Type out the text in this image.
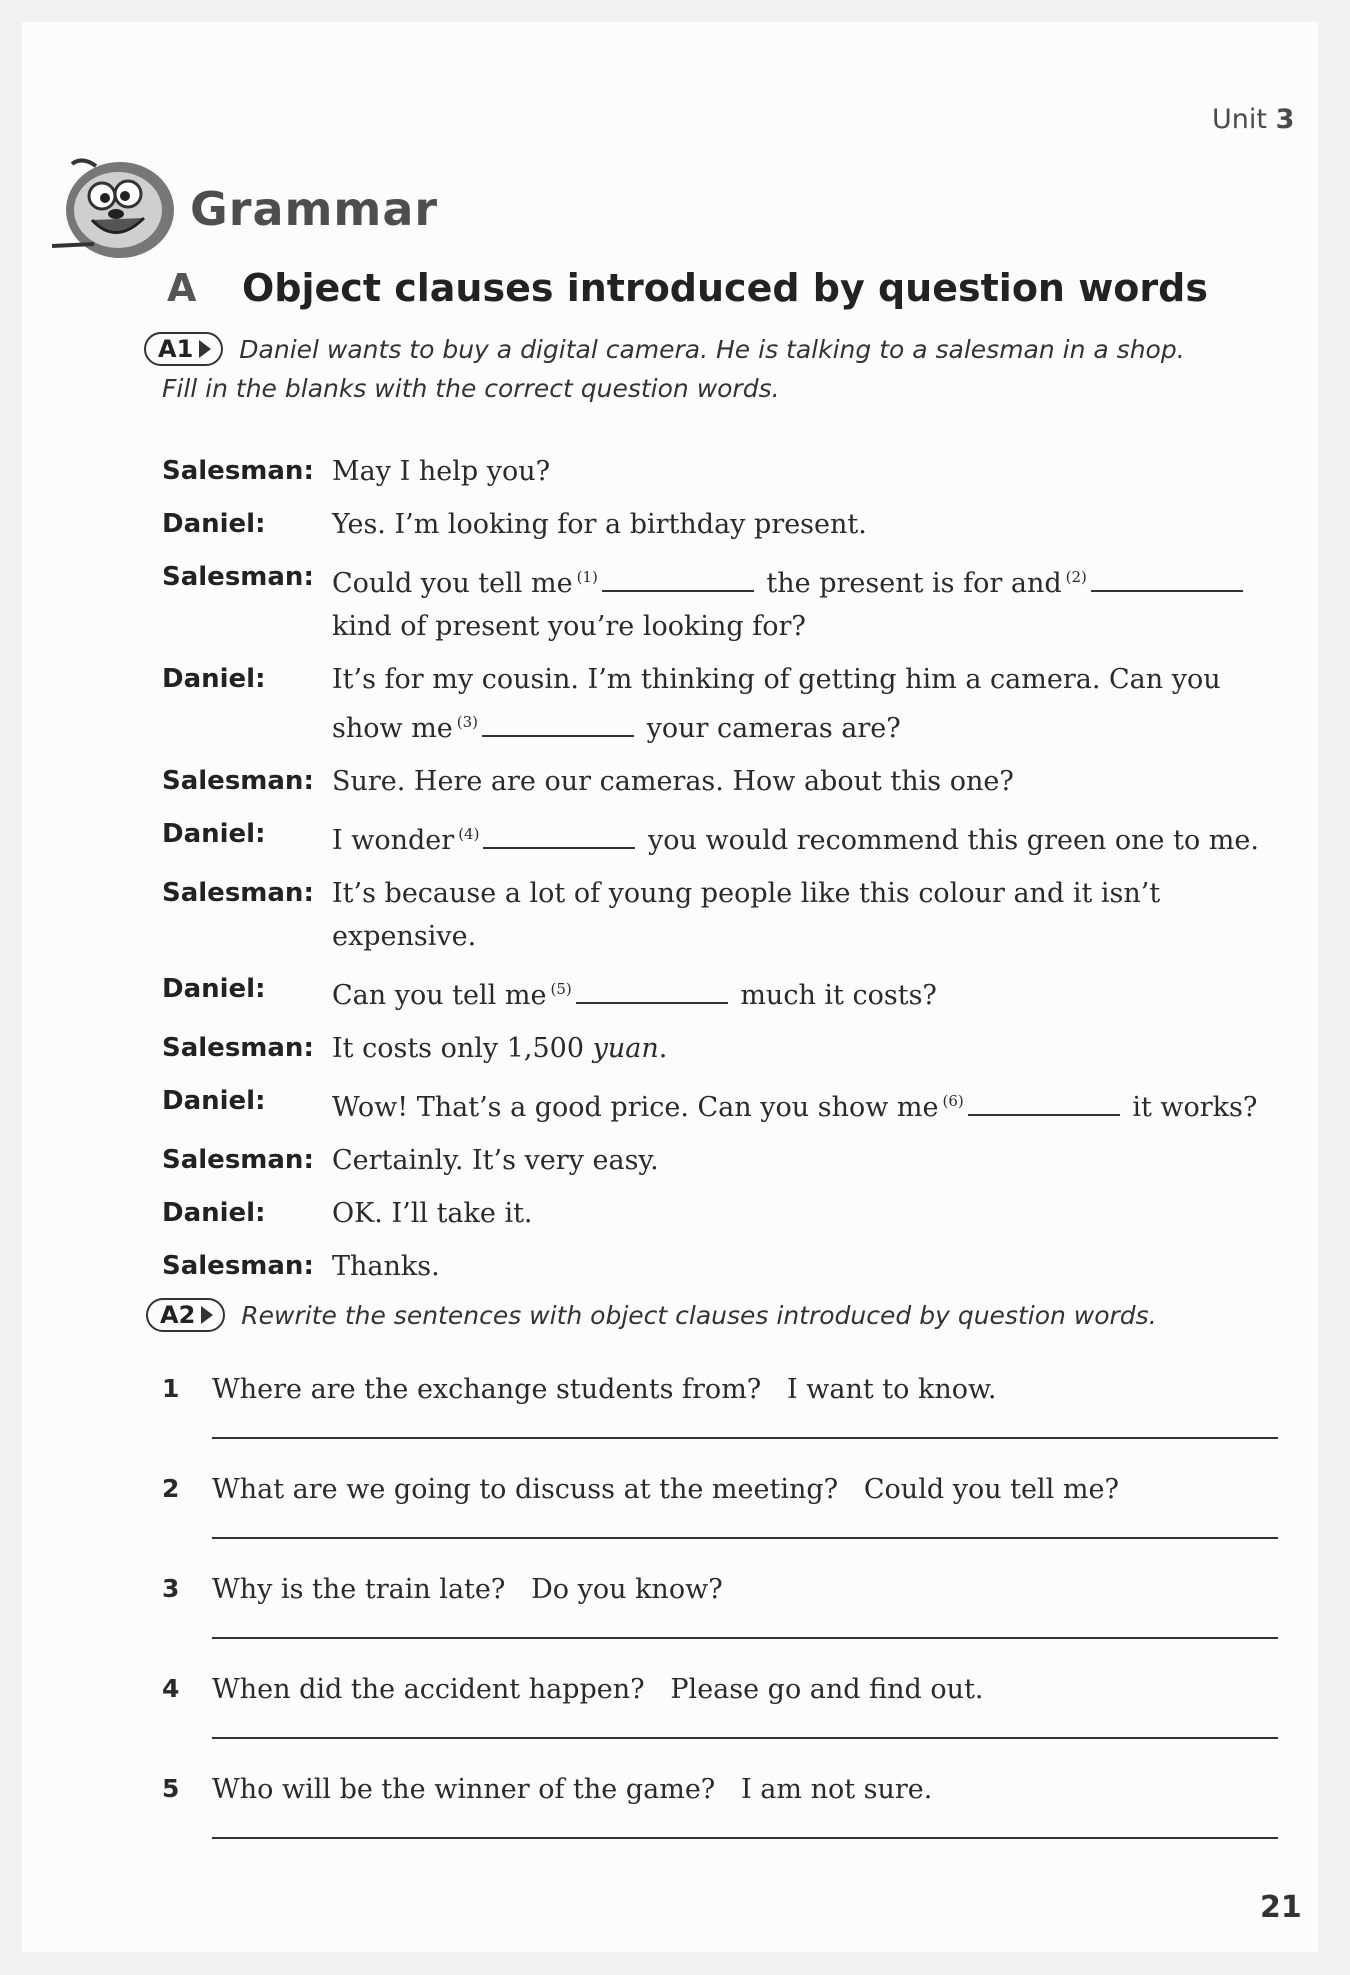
Unit 3
Grammar
A Object clauses introduced by question words
A1 Daniel wants to buy a digital camera. He is talking to a salesman in a shop.
Fill in the blanks with the correct question words.
Salesman: May I help you?
Daniel:	Yes. I’m looking for a birthday present.
Salesman: Could you tell me $^{(1)}$	the present is for and $^{(2)}$ kind of present you’re looking for?
Daniel:	It’s for my cousin. I’m thinking of getting him a camera. Can you show me $^{(3)}$	your cameras are?
Salesman: Sure. Here are our cameras. How about this one?
Daniel:	I wonder $^{(4)}$	you would recommend this green one to me.
Salesman: It’s because a lot of young people like this colour and it isn’t expensive.
Daniel:	Can you tell me $^{(5)}$	much it costs?
Salesman: It costs only 1,500 yuan.
Daniel:	Wow! That’s a good price. Can you show me $^{(6)}$	it works?
Salesman: Certainly. It’s very easy.
Daniel:	OK. I’ll take it.
Salesman: Thanks.
A2 Rewrite the sentences with object clauses introduced by question words.
1 Where are the exchange students from? I want to know.
2 What are we going to discuss at the meeting? Could you tell me?
3 Why is the train late? Do you know?
4 When did the accident happen? Please go and find out.
5 Who will be the winner of the game? I am not sure.
21
